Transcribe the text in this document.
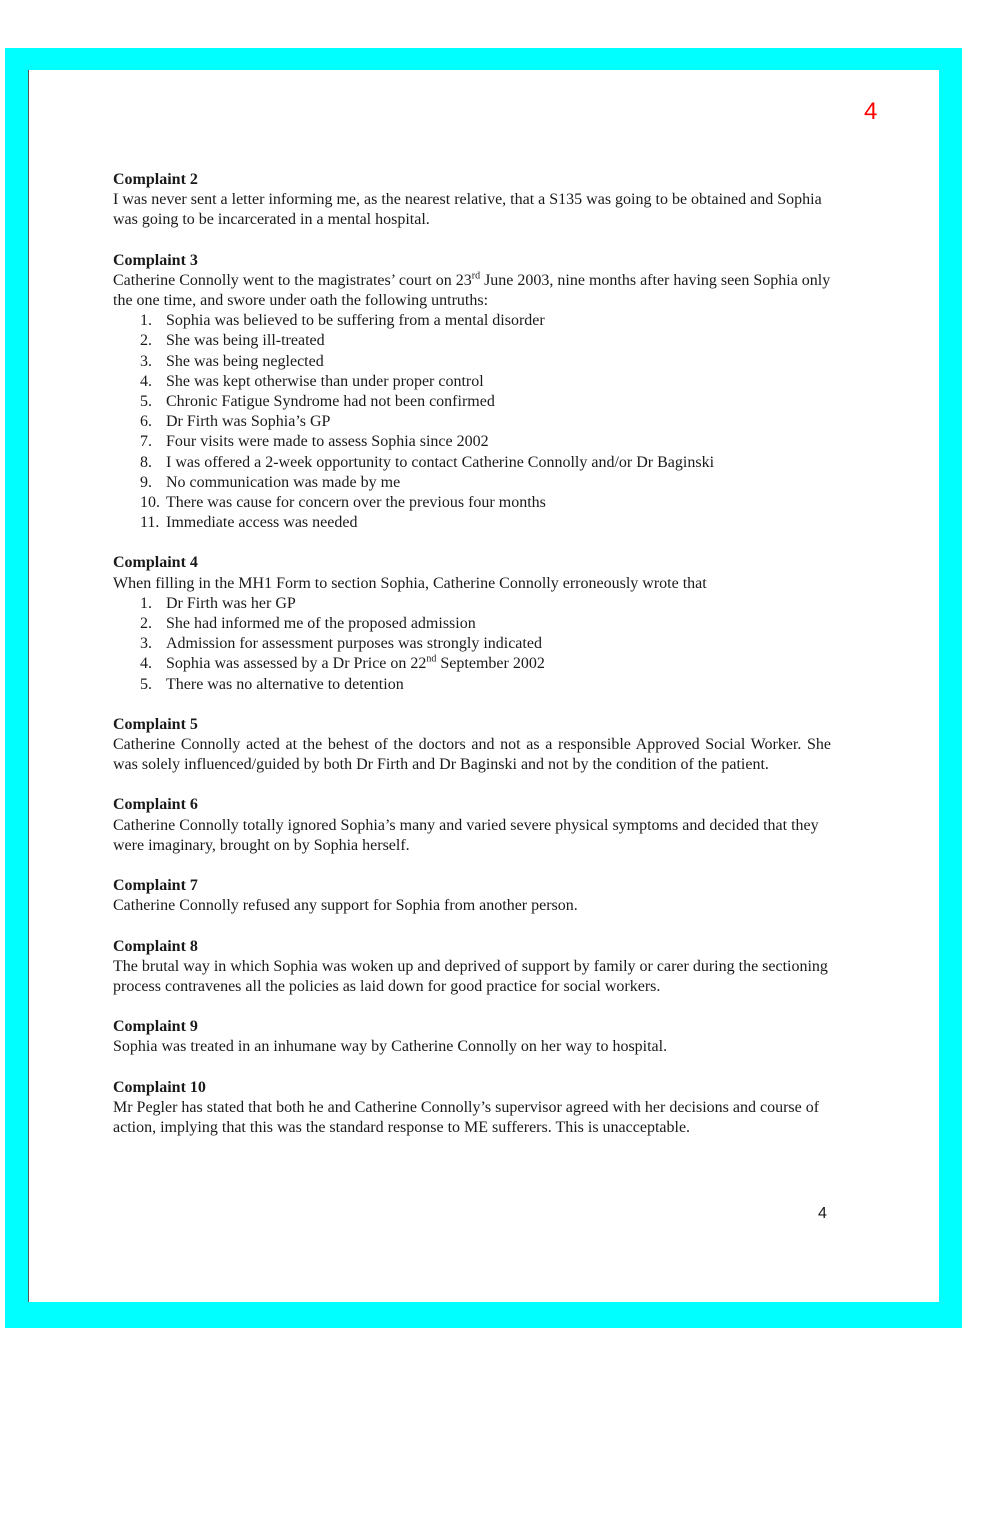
4
Complaint 2

I was never sent a letter informing me, as the nearest relative, that a S135 was going to be obtained and Sophia was going to be incarcerated in a mental hospital.

Complaint 3

Catherine Connolly went to the magistrates’ court on 23rd June 2003, nine months after having seen Sophia only the one time, and swore under oath the following untruths:

1. Sophia was believed to be suffering from a mental disorder
2. She was being ill-treated
3. She was being neglected
4. She was kept otherwise than under proper control
5. Chronic Fatigue Syndrome had not been confirmed
6. Dr Firth was Sophia’s GP
7. Four visits were made to assess Sophia since 2002
8. I was offered a 2-week opportunity to contact Catherine Connolly and/or Dr Baginski
9. No communication was made by me
10. There was cause for concern over the previous four months
11. Immediate access was needed
Complaint 4

When filling in the MH1 Form to section Sophia, Catherine Connolly erroneously wrote that

1. Dr Firth was her GP
2. She had informed me of the proposed admission
3. Admission for assessment purposes was strongly indicated
4. Sophia was assessed by a Dr Price on 22nd September 2002
5. There was no alternative to detention
Complaint 5

Catherine Connolly acted at the behest of the doctors and not as a responsible Approved Social Worker. She was solely influenced/guided by both Dr Firth and Dr Baginski and not by the condition of the patient.

Complaint 6

Catherine Connolly totally ignored Sophia’s many and varied severe physical symptoms and decided that they were imaginary, brought on by Sophia herself.

Complaint 7

Catherine Connolly refused any support for Sophia from another person.

Complaint 8

The brutal way in which Sophia was woken up and deprived of support by family or carer during the sectioning process contravenes all the policies as laid down for good practice for social workers.

Complaint 9

Sophia was treated in an inhumane way by Catherine Connolly on her way to hospital.

Complaint 10

Mr Pegler has stated that both he and Catherine Connolly’s supervisor agreed with her decisions and course of action, implying that this was the standard response to ME sufferers. This is unacceptable.

4
